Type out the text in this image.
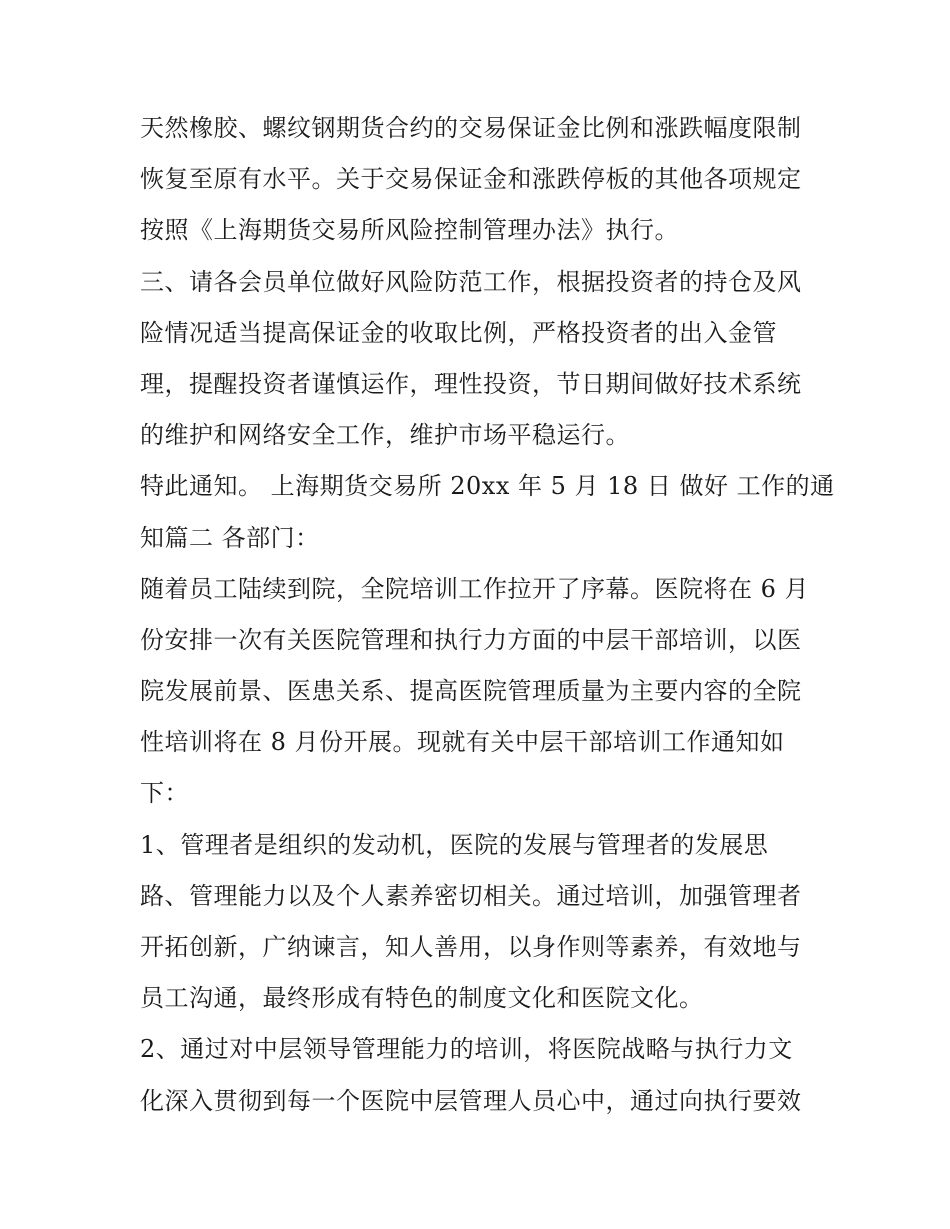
天然橡胶、螺纹钢期货合约的交易保证金比例和涨跌幅度限制
恢复至原有水平。关于交易保证金和涨跌停板的其他各项规定
按照《上海期货交易所风险控制管理办法》执行。
三、请各会员单位做好风险防范工作，根据投资者的持仓及风
险情况适当提高保证金的收取比例，严格投资者的出入金管
理，提醒投资者谨慎运作，理性投资，节日期间做好技术系统
的维护和网络安全工作，维护市场平稳运行。
特此通知。 上海期货交易所 20xx 年 5 月 18 日 做好 工作的通
知篇二 各部门：
随着员工陆续到院，全院培训工作拉开了序幕。医院将在 6 月
份安排一次有关医院管理和执行力方面的中层干部培训，以医
院发展前景、医患关系、提高医院管理质量为主要内容的全院
性培训将在 8 月份开展。现就有关中层干部培训工作通知如
下：
1、管理者是组织的发动机，医院的发展与管理者的发展思
路、管理能力以及个人素养密切相关。通过培训，加强管理者
开拓创新，广纳谏言，知人善用，以身作则等素养，有效地与
员工沟通，最终形成有特色的制度文化和医院文化。
2、通过对中层领导管理能力的培训，将医院战略与执行力文
化深入贯彻到每一个医院中层管理人员心中，通过向执行要效
